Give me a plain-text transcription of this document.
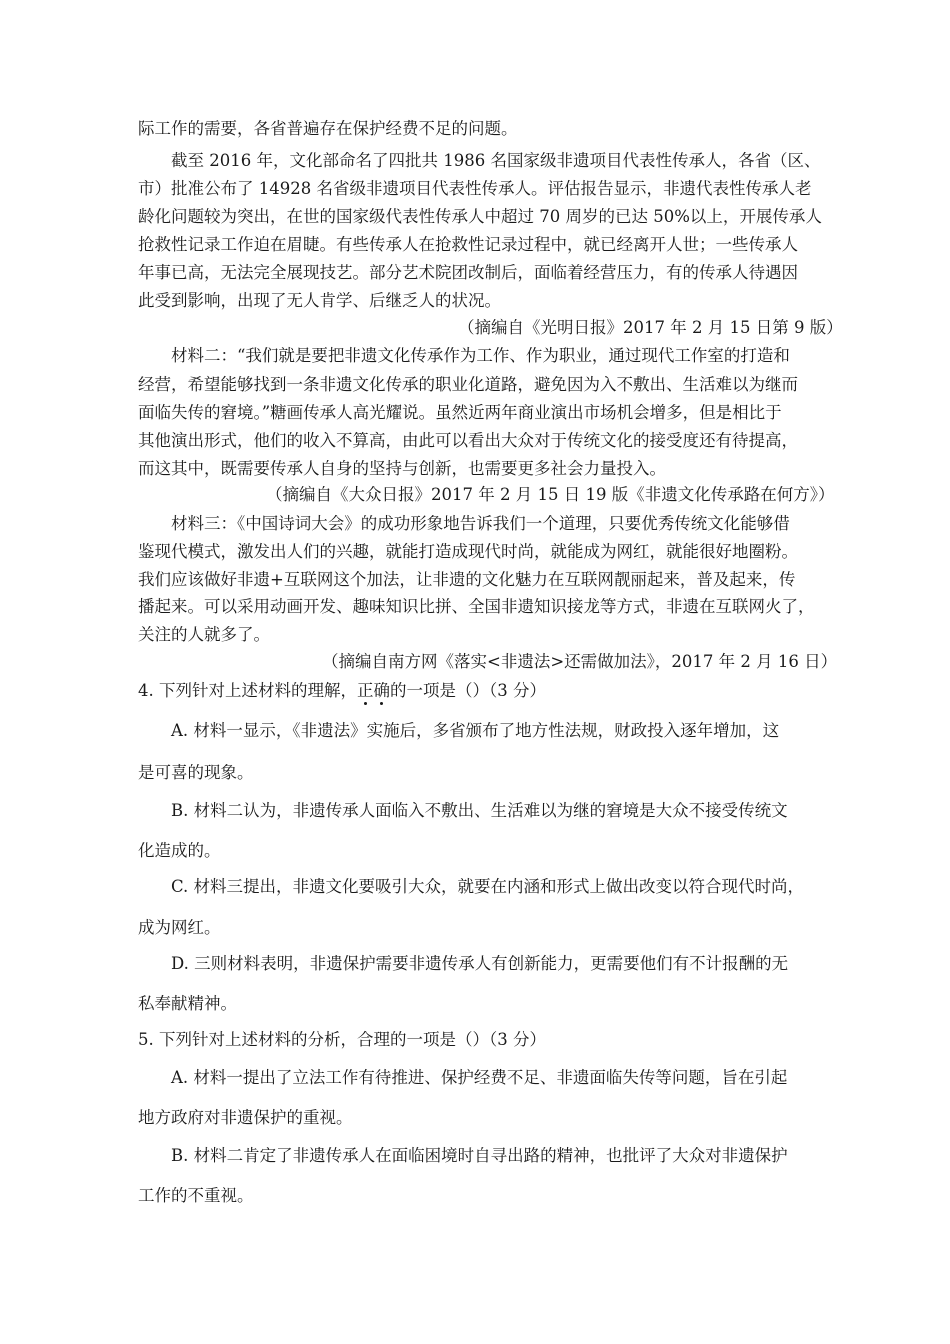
际工作的需要，各省普遍存在保护经费不足的问题。
　　截至 2016 年，文化部命名了四批共 1986 名国家级非遗项目代表性传承人，各省（区、
市）批准公布了 14928 名省级非遗项目代表性传承人。评估报告显示，非遗代表性传承人老
龄化问题较为突出，在世的国家级代表性传承人中超过 70 周岁的已达 50%以上，开展传承人
抢救性记录工作迫在眉睫。有些传承人在抢救性记录过程中，就已经离开人世；一些传承人
年事已高，无法完全展现技艺。部分艺术院团改制后，面临着经营压力，有的传承人待遇因
此受到影响，出现了无人肯学、后继乏人的状况。
（摘编自《光明日报》2017 年 2 月 15 日第 9 版）
　　材料二：“我们就是要把非遗文化传承作为工作、作为职业，通过现代工作室的打造和
经营，希望能够找到一条非遗文化传承的职业化道路，避免因为入不敷出、生活难以为继而
面临失传的窘境。”糖画传承人高光耀说。虽然近两年商业演出市场机会增多，但是相比于
其他演出形式，他们的收入不算高，由此可以看出大众对于传统文化的接受度还有待提高，
而这其中，既需要传承人自身的坚持与创新，也需要更多社会力量投入。
（摘编自《大众日报》2017 年 2 月 15 日 19 版《非遗文化传承路在何方》）
　　材料三：《中国诗词大会》的成功形象地告诉我们一个道理，只要优秀传统文化能够借
鉴现代模式，激发出人们的兴趣，就能打造成现代时尚，就能成为网红，就能很好地圈粉。
我们应该做好非遗+互联网这个加法，让非遗的文化魅力在互联网靓丽起来，普及起来，传
播起来。可以采用动画开发、趣味知识比拼、全国非遗知识接龙等方式，非遗在互联网火了，
关注的人就多了。
（摘编自南方网《落实<非遗法>还需做加法》，2017 年 2 月 16 日）
4. 下列针对上述材料的理解，正确的一项是（）（3 分）
　　A. 材料一显示，《非遗法》实施后，多省颁布了地方性法规，财政投入逐年增加，这
是可喜的现象。
　　B. 材料二认为，非遗传承人面临入不敷出、生活难以为继的窘境是大众不接受传统文
化造成的。
　　C. 材料三提出，非遗文化要吸引大众，就要在内涵和形式上做出改变以符合现代时尚，
成为网红。
　　D. 三则材料表明，非遗保护需要非遗传承人有创新能力，更需要他们有不计报酬的无
私奉献精神。
5. 下列针对上述材料的分析，合理的一项是（）（3 分）
　　A. 材料一提出了立法工作有待推进、保护经费不足、非遗面临失传等问题，旨在引起
地方政府对非遗保护的重视。
　　B. 材料二肯定了非遗传承人在面临困境时自寻出路的精神，也批评了大众对非遗保护
工作的不重视。
